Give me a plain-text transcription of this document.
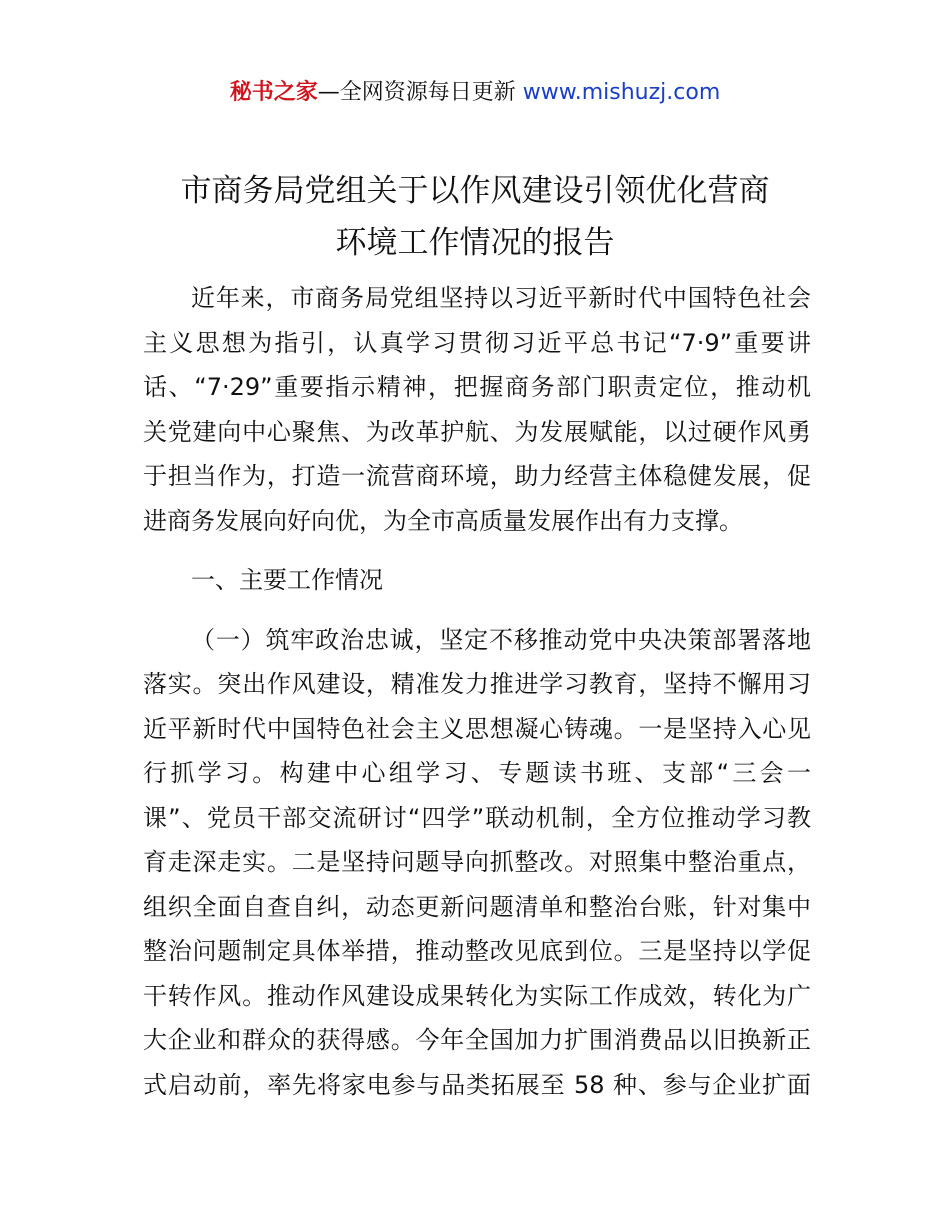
秘书之家—全网资源每日更新 www.mishuzj.com
市商务局党组关于以作风建设引领优化营商
环境工作情况的报告
近年来，市商务局党组坚持以习近平新时代中国特色社会
主义思想为指引，认真学习贯彻习近平总书记“7·9”重要讲
话、“7·29”重要指示精神，把握商务部门职责定位，推动机
关党建向中心聚焦、为改革护航、为发展赋能，以过硬作风勇
于担当作为，打造一流营商环境，助力经营主体稳健发展，促
进商务发展向好向优，为全市高质量发展作出有力支撑。
一、主要工作情况
（一）筑牢政治忠诚，坚定不移推动党中央决策部署落地
落实。突出作风建设，精准发力推进学习教育，坚持不懈用习
近平新时代中国特色社会主义思想凝心铸魂。一是坚持入心见
行抓学习。构建中心组学习、专题读书班、支部“三会一
课”、党员干部交流研讨“四学”联动机制，全方位推动学习教
育走深走实。二是坚持问题导向抓整改。对照集中整治重点，
组织全面自查自纠，动态更新问题清单和整治台账，针对集中
整治问题制定具体举措，推动整改见底到位。三是坚持以学促
干转作风。推动作风建设成果转化为实际工作成效，转化为广
大企业和群众的获得感。今年全国加力扩围消费品以旧换新正
式启动前，率先将家电参与品类拓展至 58 种、参与企业扩面
